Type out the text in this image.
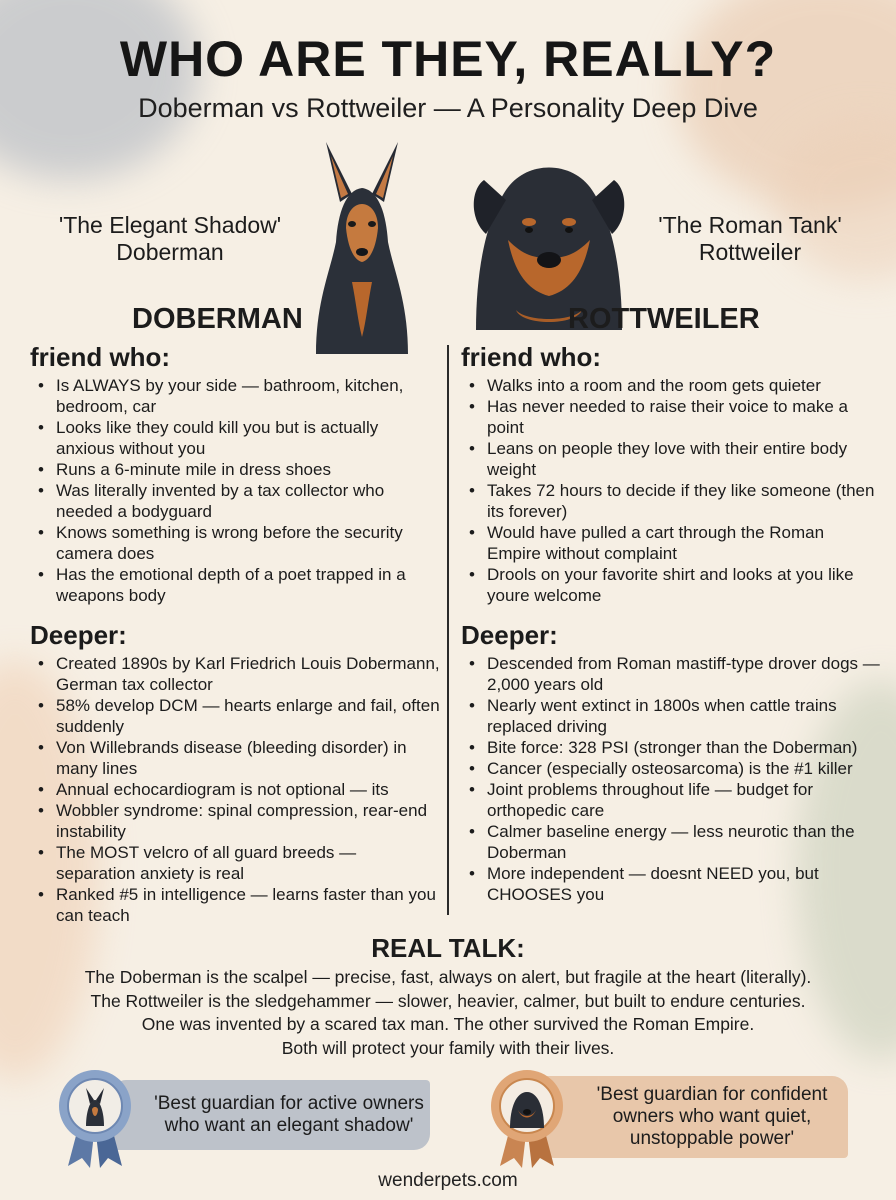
WHO ARE THEY, REALLY?
Doberman vs Rottweiler — A Personality Deep Dive
'The Elegant Shadow'
Doberman
'The Roman Tank'
Rottweiler
DOBERMAN	ROTTWEILER
friend who:
• Is ALWAYS by your side — bathroom, kitchen, bedroom, car
• Looks like they could kill you but is actually anxious without you
• Runs a 6-minute mile in dress shoes
• Was literally invented by a tax collector who needed a bodyguard
• Knows something is wrong before the security camera does
• Has the emotional depth of a poet trapped in a weapons body
friend who:
• Walks into a room and the room gets quieter
• Has never needed to raise their voice to make a point
• Leans on people they love with their entire body weight
• Takes 72 hours to decide if they like someone (then its forever)
• Would have pulled a cart through the Roman Empire without complaint
• Drools on your favorite shirt and looks at you like youre welcome
Deeper:
• Created 1890s by Karl Friedrich Louis Dobermann, German tax collector
• 58% develop DCM — hearts enlarge and fail, often suddenly
• Von Willebrands disease (bleeding disorder) in many lines
• Annual echocardiogram is not optional — its
• Wobbler syndrome: spinal compression, rear-end instability
• The MOST velcro of all guard breeds — separation anxiety is real
• Ranked #5 in intelligence — learns faster than you can teach
Deeper:
• Descended from Roman mastiff-type drover dogs — 2,000 years old
• Nearly went extinct in 1800s when cattle trains replaced driving
• Bite force: 328 PSI (stronger than the Doberman)
• Cancer (especially osteosarcoma) is the #1 killer
• Joint problems throughout life — budget for orthopedic care
• Calmer baseline energy — less neurotic than the Doberman
• More independent — doesnt NEED you, but CHOOSES you
REAL TALK:
The Doberman is the scalpel — precise, fast, always on alert, but fragile at the heart (literally).
The Rottweiler is the sledgehammer — slower, heavier, calmer, but built to endure centuries.
One was invented by a scared tax man. The other survived the Roman Empire.
Both will protect your family with their lives.
'Best guardian for active owners who want an elegant shadow'
'Best guardian for confident owners who want quiet, unstoppable power'
wenderpets.com
